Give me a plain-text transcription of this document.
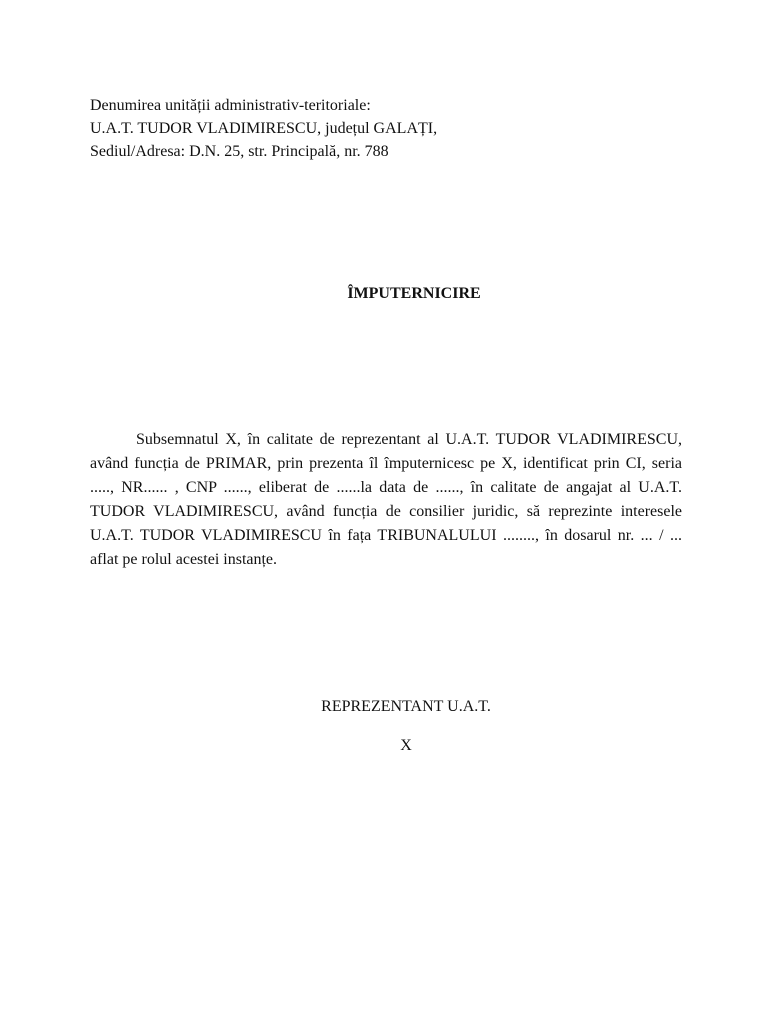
Denumirea unității administrativ-teritoriale:
U.A.T. TUDOR VLADIMIRESCU, județul GALAȚI,
Sediul/Adresa: D.N. 25, str. Principală, nr. 788
ÎMPUTERNICIRE
Subsemnatul X, în calitate de reprezentant al U.A.T. TUDOR VLADIMIRESCU, având funcția de PRIMAR, prin prezenta îl împuternicesc pe X, identificat prin CI, seria ....., NR...... , CNP ......, eliberat de ......la data de ......, în calitate de angajat al U.A.T. TUDOR VLADIMIRESCU, având funcția de consilier juridic, să reprezinte interesele U.A.T. TUDOR VLADIMIRESCU în fața TRIBUNALULUI ........, în dosarul nr. ... / ... aflat pe rolul acestei instanțe.
REPREZENTANT U.A.T.
X
